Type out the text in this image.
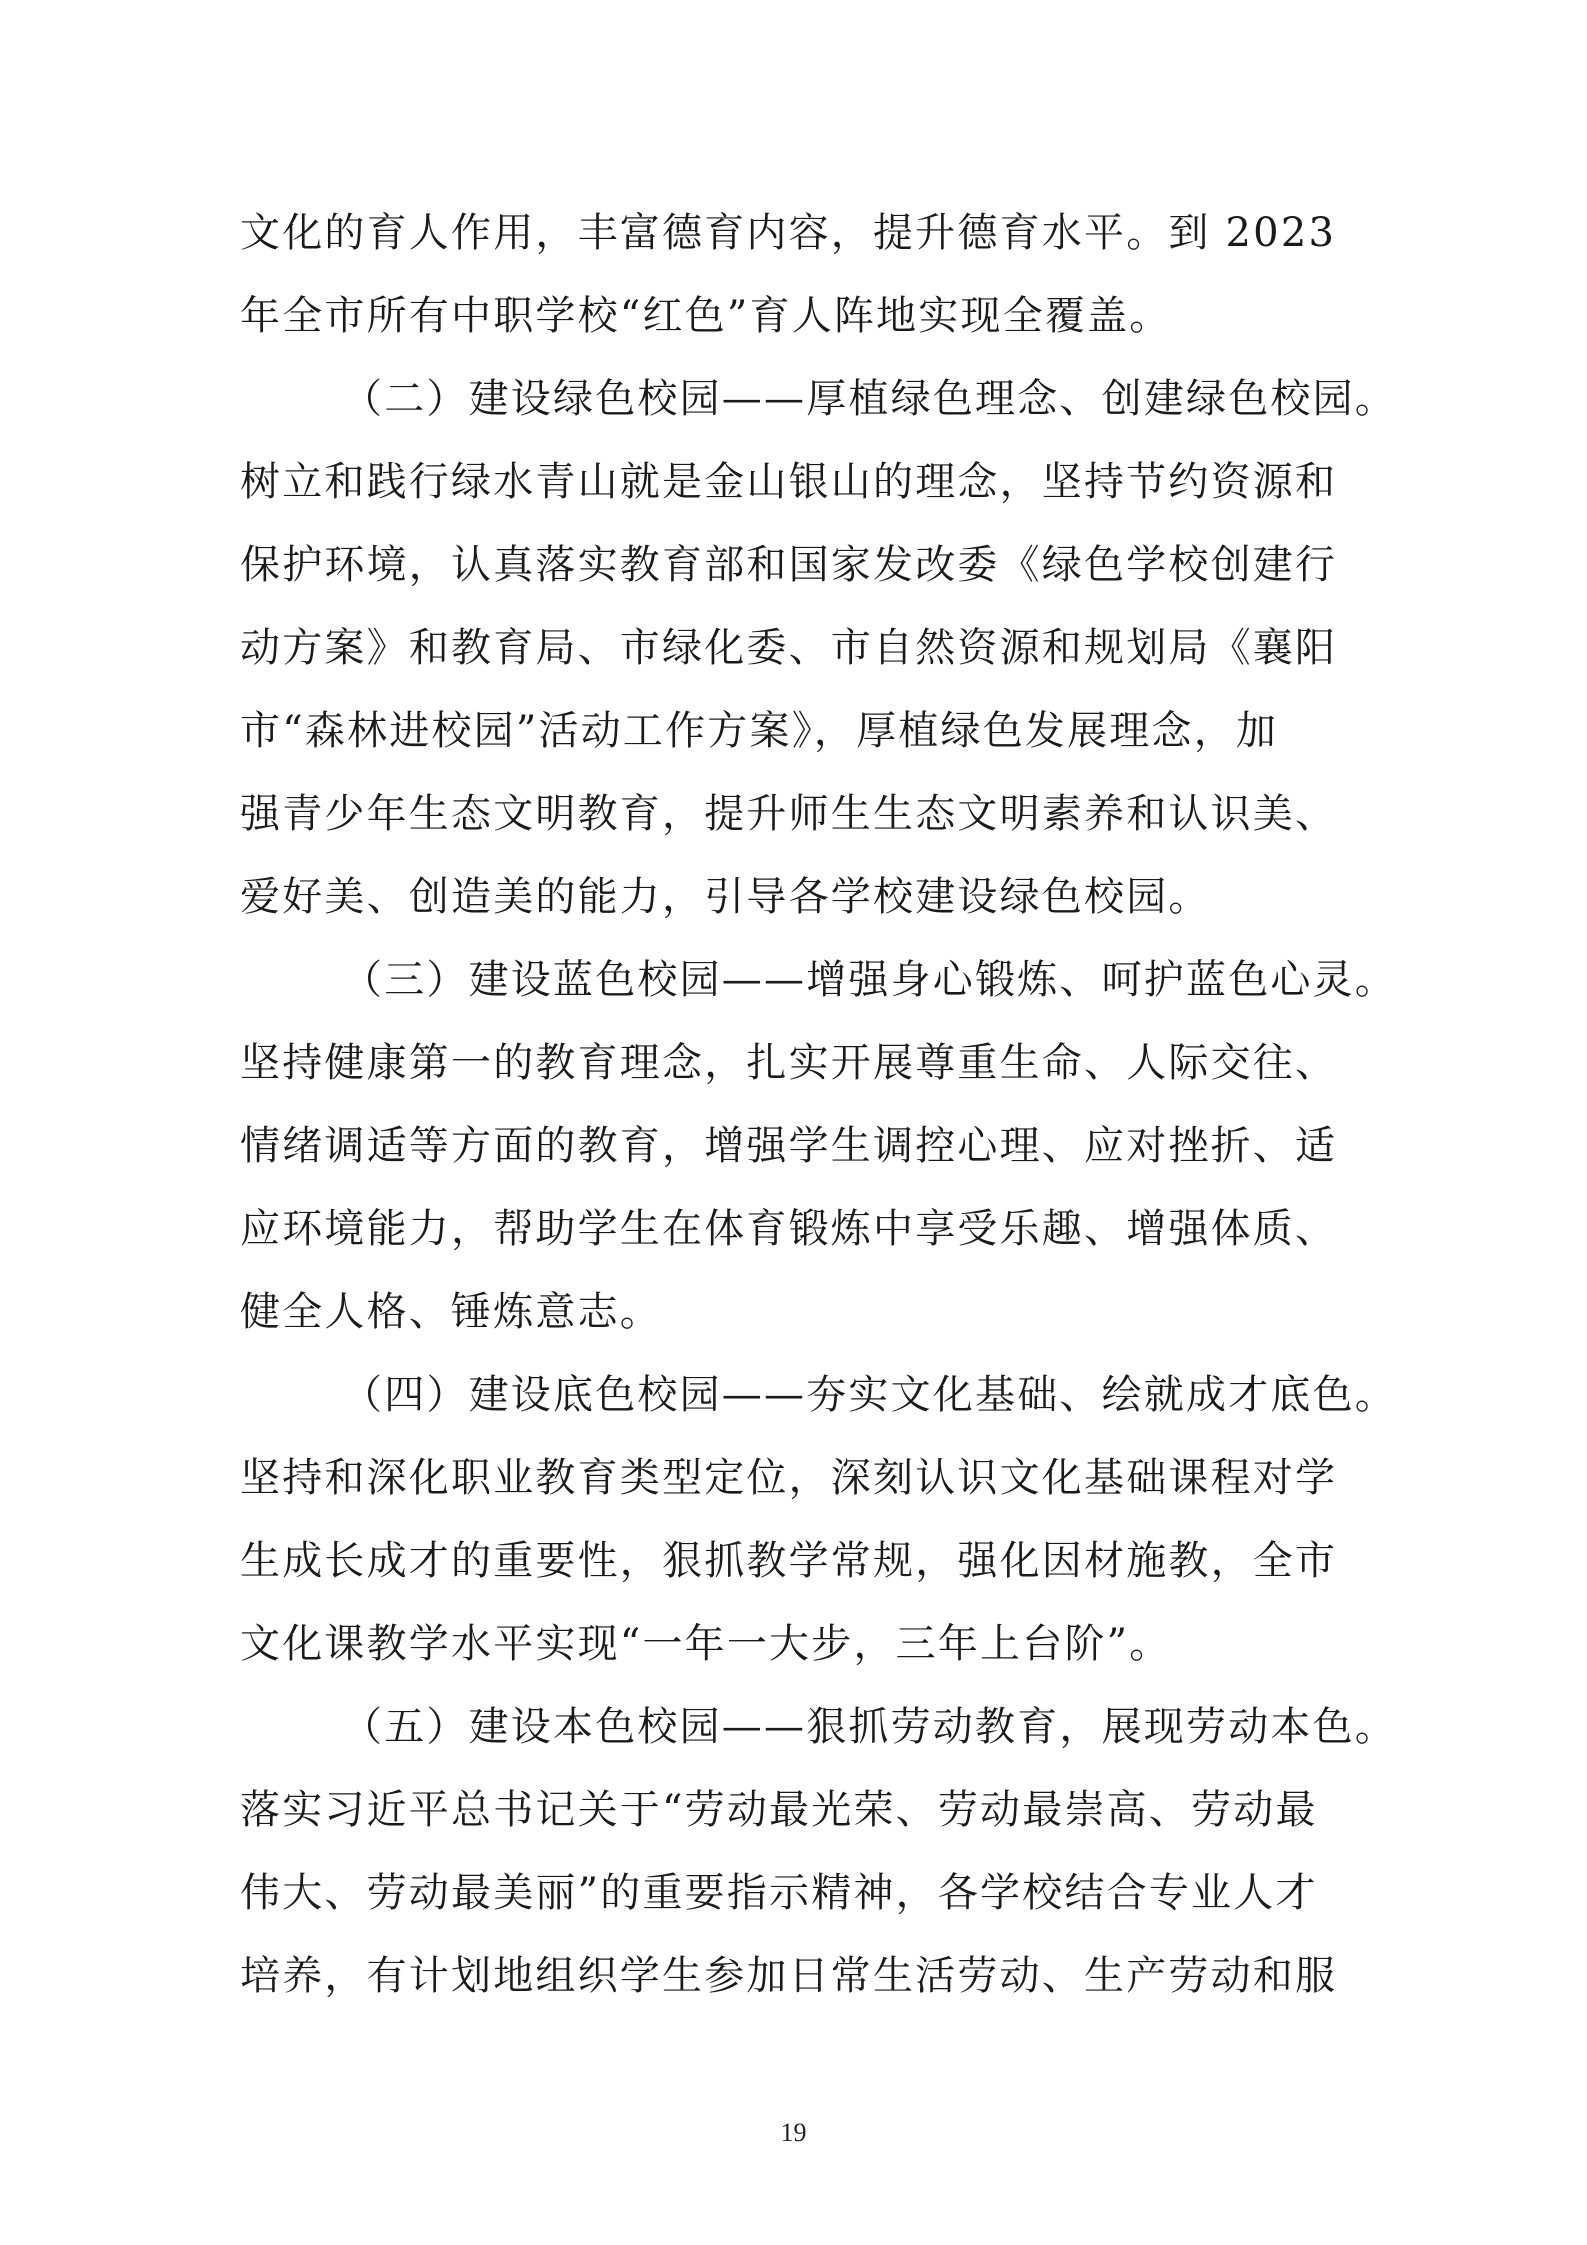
文化的育人作用，丰富德育内容，提升德育水平。到 2023
年全市所有中职学校“红色”育人阵地实现全覆盖。
（二）建设绿色校园——厚植绿色理念、创建绿色校园。
树立和践行绿水青山就是金山银山的理念，坚持节约资源和
保护环境，认真落实教育部和国家发改委《绿色学校创建行
动方案》和教育局、市绿化委、市自然资源和规划局《襄阳
市“森林进校园”活动工作方案》，厚植绿色发展理念，加
强青少年生态文明教育，提升师生生态文明素养和认识美、
爱好美、创造美的能力，引导各学校建设绿色校园。
（三）建设蓝色校园——增强身心锻炼、呵护蓝色心灵。
坚持健康第一的教育理念，扎实开展尊重生命、人际交往、
情绪调适等方面的教育，增强学生调控心理、应对挫折、适
应环境能力，帮助学生在体育锻炼中享受乐趣、增强体质、
健全人格、锤炼意志。
（四）建设底色校园——夯实文化基础、绘就成才底色。
坚持和深化职业教育类型定位，深刻认识文化基础课程对学
生成长成才的重要性，狠抓教学常规，强化因材施教，全市
文化课教学水平实现“一年一大步，三年上台阶”。
（五）建设本色校园——狠抓劳动教育，展现劳动本色。
落实习近平总书记关于“劳动最光荣、劳动最崇高、劳动最
伟大、劳动最美丽”的重要指示精神，各学校结合专业人才
培养，有计划地组织学生参加日常生活劳动、生产劳动和服
19
